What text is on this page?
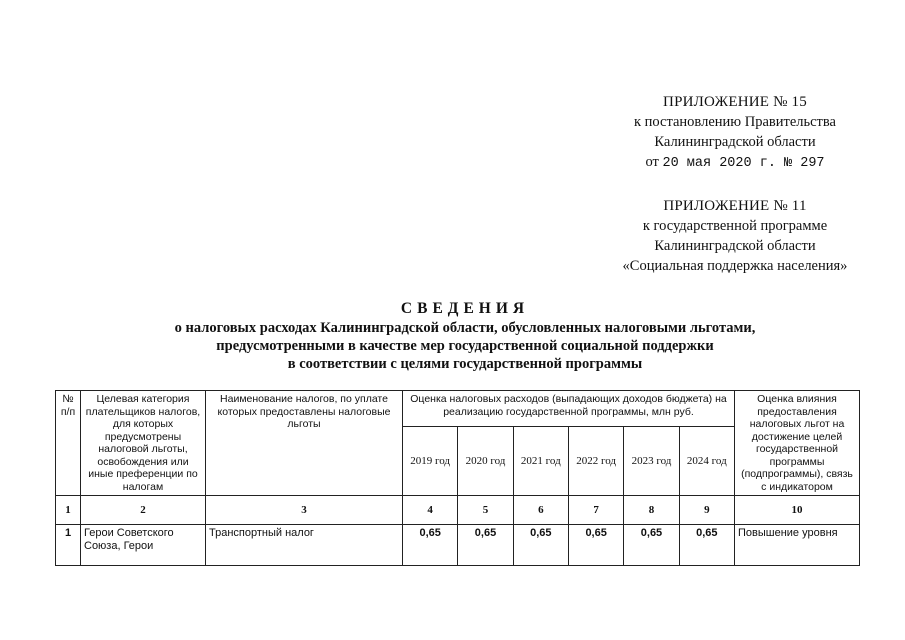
ПРИЛОЖЕНИЕ № 15
к постановлению Правительства
Калининградской области
от 20 мая 2020 г. № 297
ПРИЛОЖЕНИЕ № 11
к государственной программе
Калининградской области
«Социальная поддержка населения»
СВЕДЕНИЯ
о налоговых расходах Калининградской области, обусловленных налоговыми льготами,
предусмотренными в качестве мер государственной социальной поддержки
в соответствии с целями государственной программы
№ п/п	Целевая категория плательщиков налогов, для которых предусмотрены налоговой льготы, освобождения или иные преференции по налогам	Наименование налогов, по уплате которых предоставлены налоговые льготы	Оценка налоговых расходов (выпадающих доходов бюджета) на реализацию государственной программы, млн руб.						Оценка влияния предоставления налоговых льгот на достижение целей государственной программы (подпрограммы), связь с индикатором
			2019 год	2020 год	2021 год	2022 год	2023 год	2024 год	
1	2	3	4	5	6	7	8	9	10
1	Герои Советского Союза, Герои	Транспортный налог	0,65	0,65	0,65	0,65	0,65	0,65	Повышение уровня
